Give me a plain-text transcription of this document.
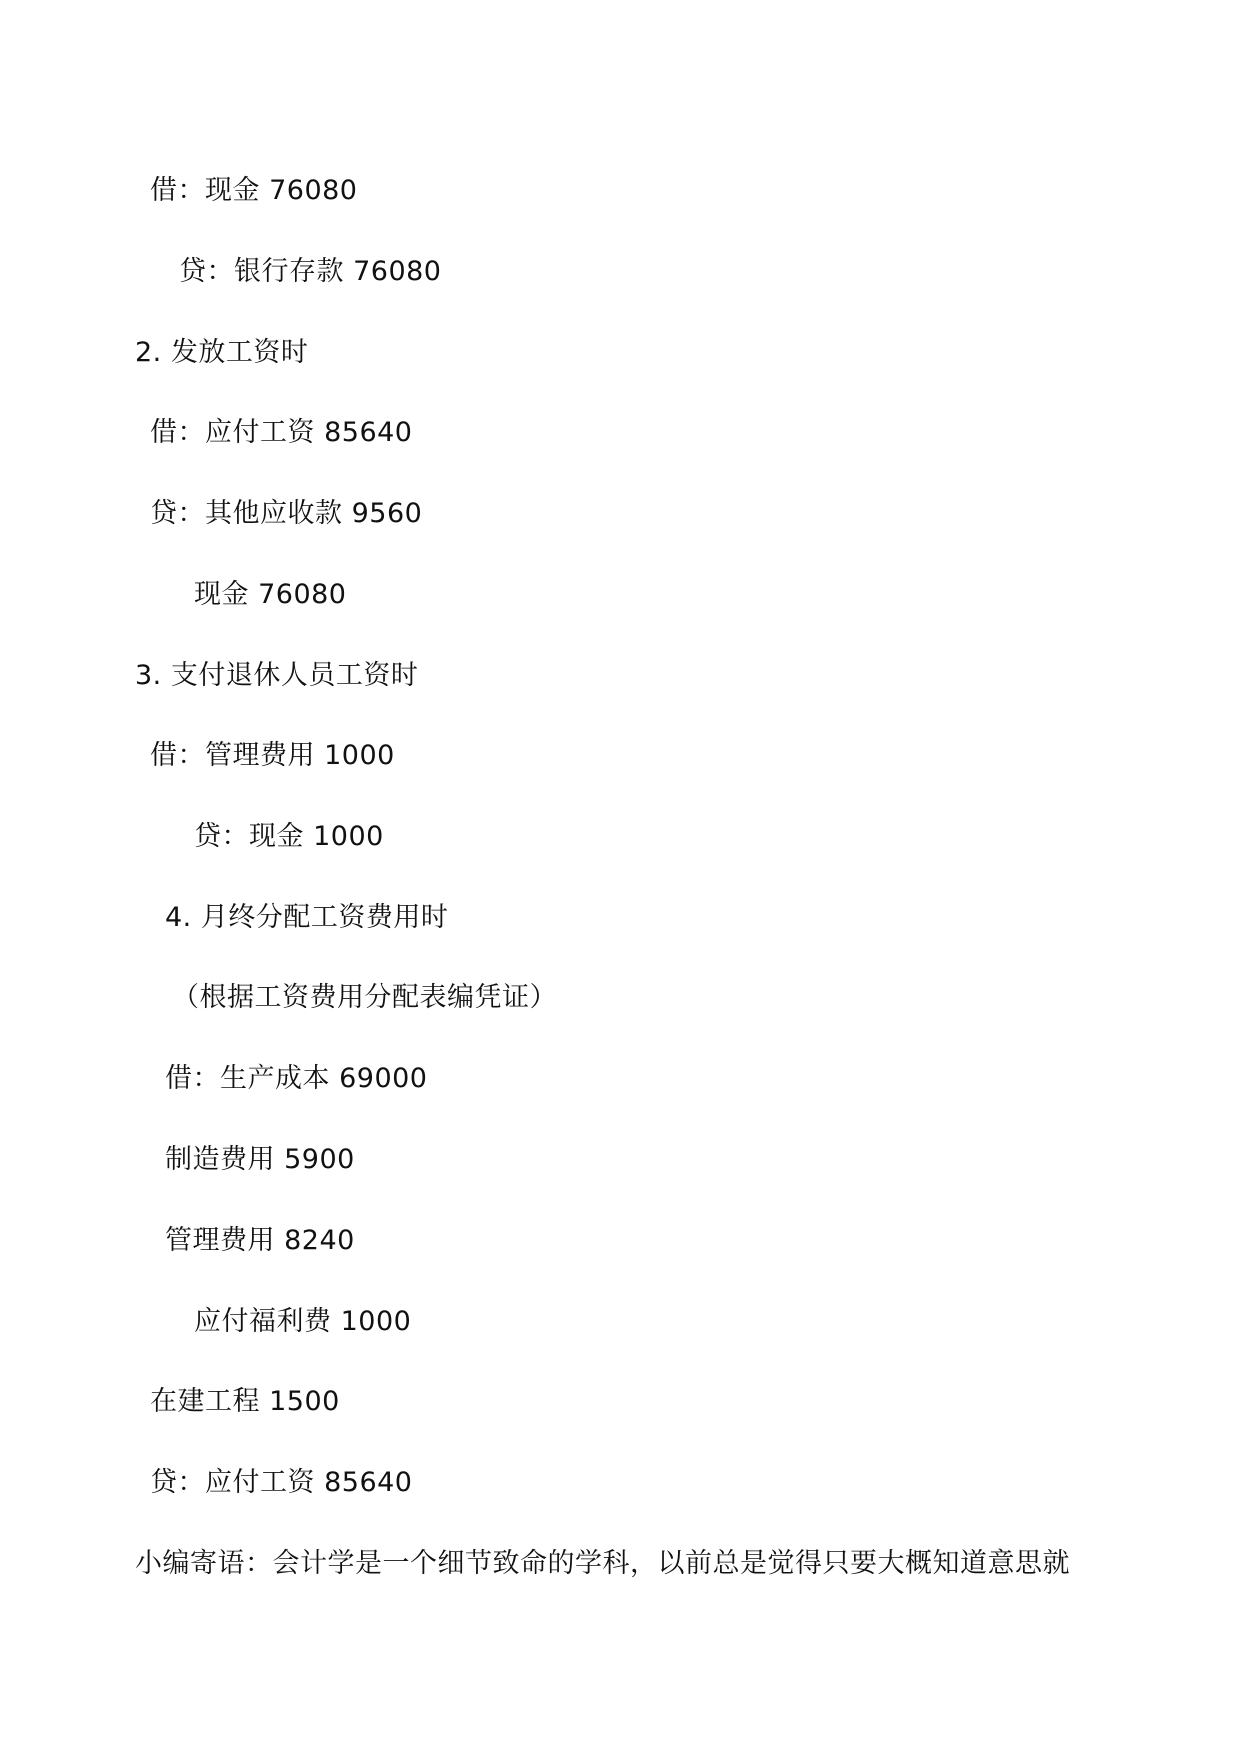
借：现金 76080
贷：银行存款 76080
2. 发放工资时
借：应付工资 85640
贷：其他应收款 9560
现金 76080
3. 支付退休人员工资时
借：管理费用 1000
贷：现金 1000
4. 月终分配工资费用时
（根据工资费用分配表编凭证）
借：生产成本 69000
制造费用 5900
管理费用 8240
应付福利费 1000
在建工程 1500
贷：应付工资 85640
小编寄语：会计学是一个细节致命的学科，以前总是觉得只要大概知道意思就
